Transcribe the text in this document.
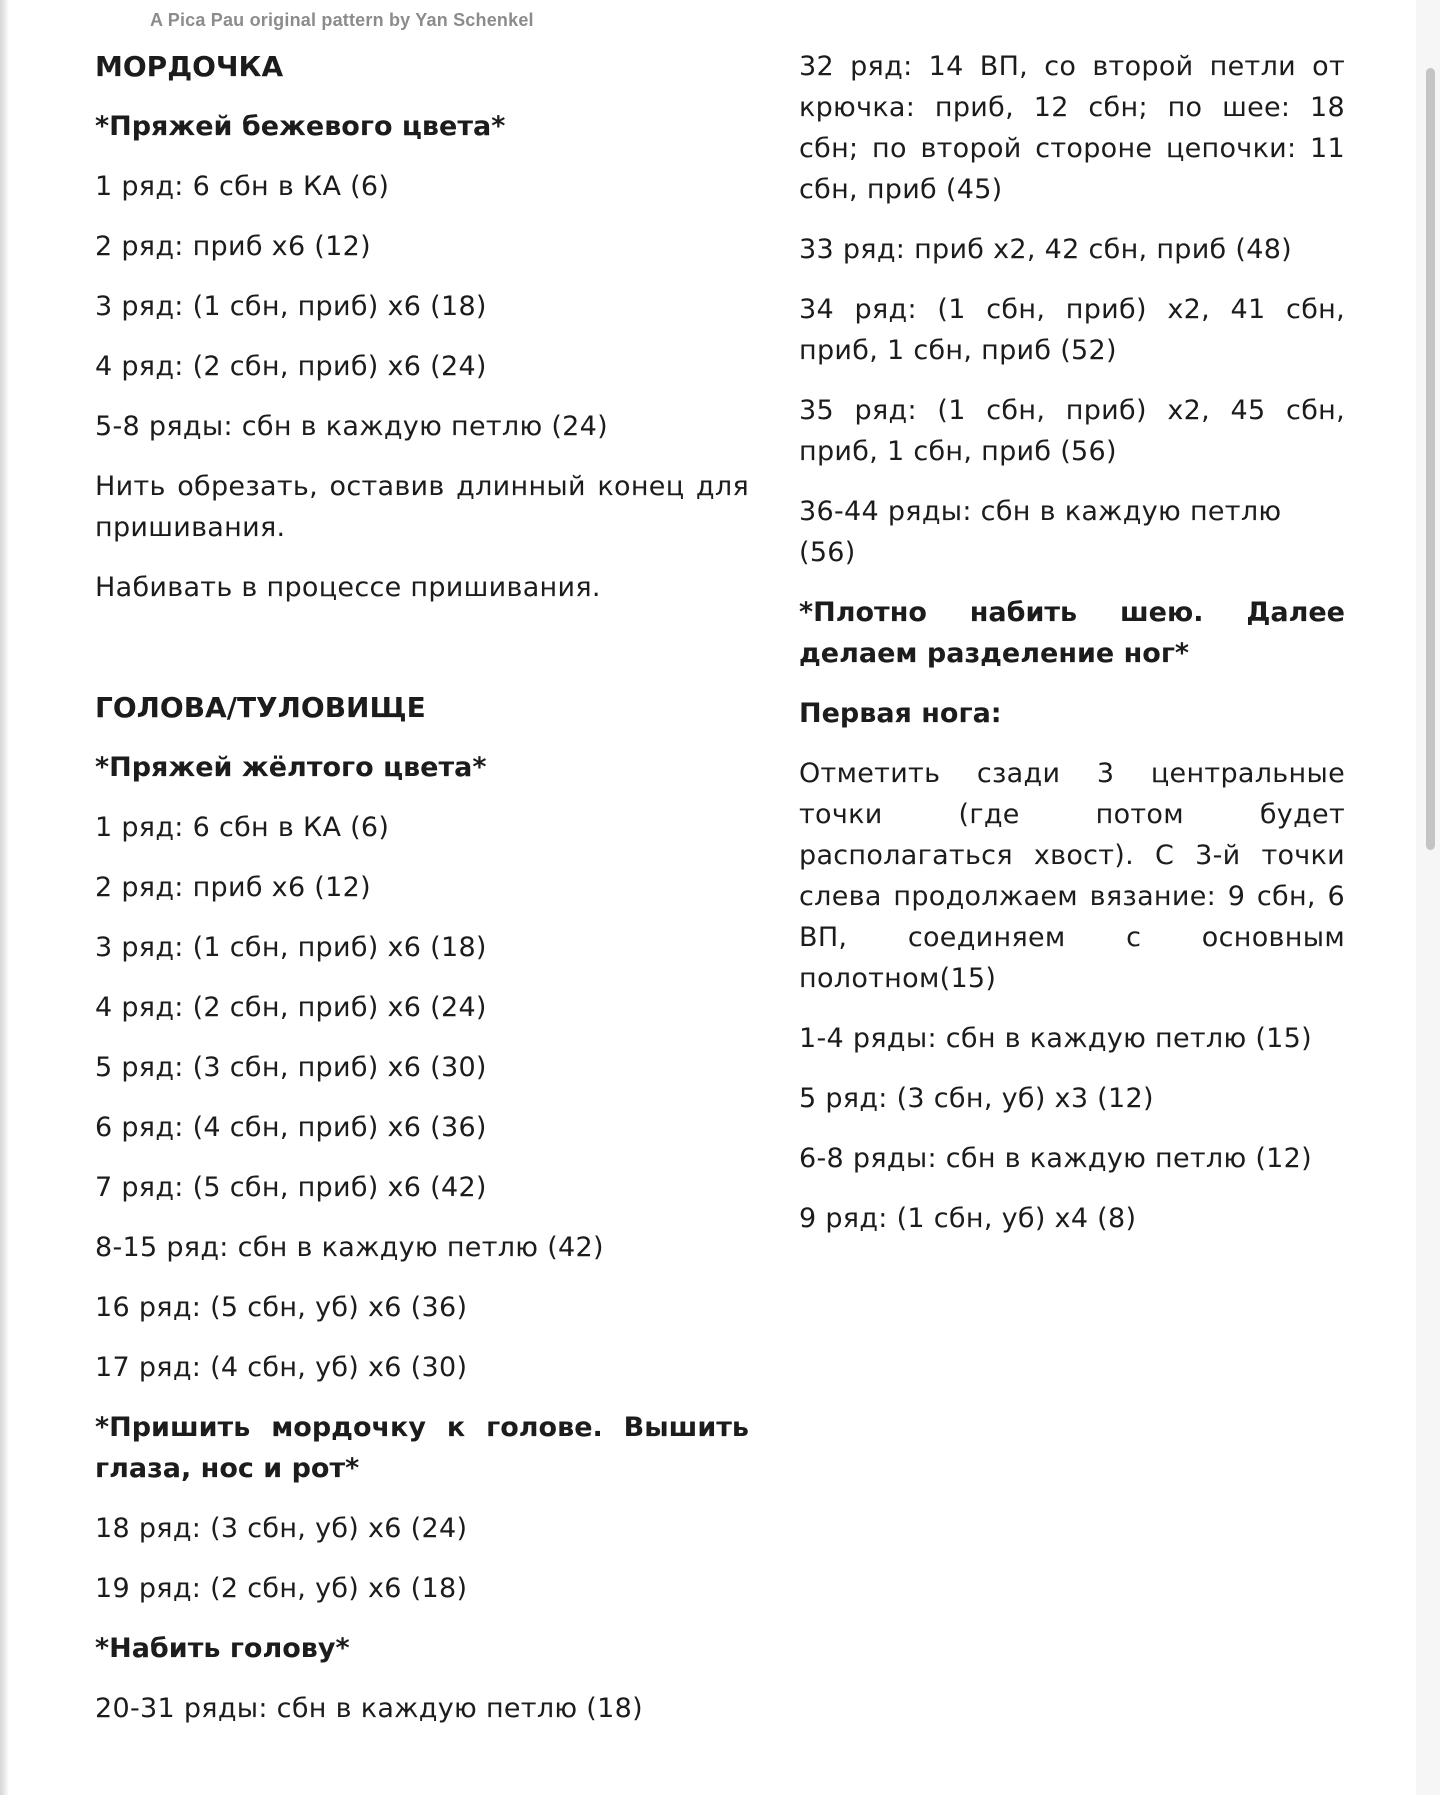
A Pica Pau original pattern by Yan Schenkel
МОРДОЧКА
*Пряжей бежевого цвета*
1 ряд: 6 сбн в КА (6)
2 ряд: приб х6 (12)
3 ряд: (1 сбн, приб) х6 (18)
4 ряд: (2 сбн, приб) х6 (24)
5-8 ряды: сбн в каждую петлю (24)
Нить обрезать, оставив длинный конец для пришивания.
Набивать в процессе пришивания.
ГОЛОВА/ТУЛОВИЩЕ
*Пряжей жёлтого цвета*
1 ряд: 6 сбн в КА (6)
2 ряд: приб х6 (12)
3 ряд: (1 сбн, приб) х6 (18)
4 ряд: (2 сбн, приб) х6 (24)
5 ряд: (3 сбн, приб) х6 (30)
6 ряд: (4 сбн, приб) х6 (36)
7 ряд: (5 сбн, приб) х6 (42)
8-15 ряд: сбн в каждую петлю (42)
16 ряд: (5 сбн, уб) х6 (36)
17 ряд: (4 сбн, уб) х6 (30)
*Пришить мордочку к голове. Вышить глаза, нос и рот*
18 ряд: (3 сбн, уб) х6 (24)
19 ряд: (2 сбн, уб) х6 (18)
*Набить голову*
20-31 ряды: сбн в каждую петлю (18)
32 ряд: 14 ВП, со второй петли от крючка: приб, 12 сбн; по шее: 18 сбн; по второй стороне цепочки: 11 сбн, приб (45)
33 ряд: приб х2, 42 сбн, приб (48)
34 ряд: (1 сбн, приб) х2, 41 сбн, приб, 1 сбн, приб (52)
35 ряд: (1 сбн, приб) х2, 45 сбн, приб, 1 сбн, приб (56)
36-44 ряды: сбн в каждую петлю (56)
*Плотно набить шею. Далее делаем разделение ног*
Первая нога:
Отметить сзади 3 центральные точки (где потом будет располагаться хвост). С 3-й точки слева продолжаем вязание: 9 сбн, 6 ВП, соединяем с основным полотном(15)
1-4 ряды: сбн в каждую петлю (15)
5 ряд: (3 сбн, уб) х3 (12)
6-8 ряды: сбн в каждую петлю (12)
9 ряд: (1 сбн, уб) х4 (8)
